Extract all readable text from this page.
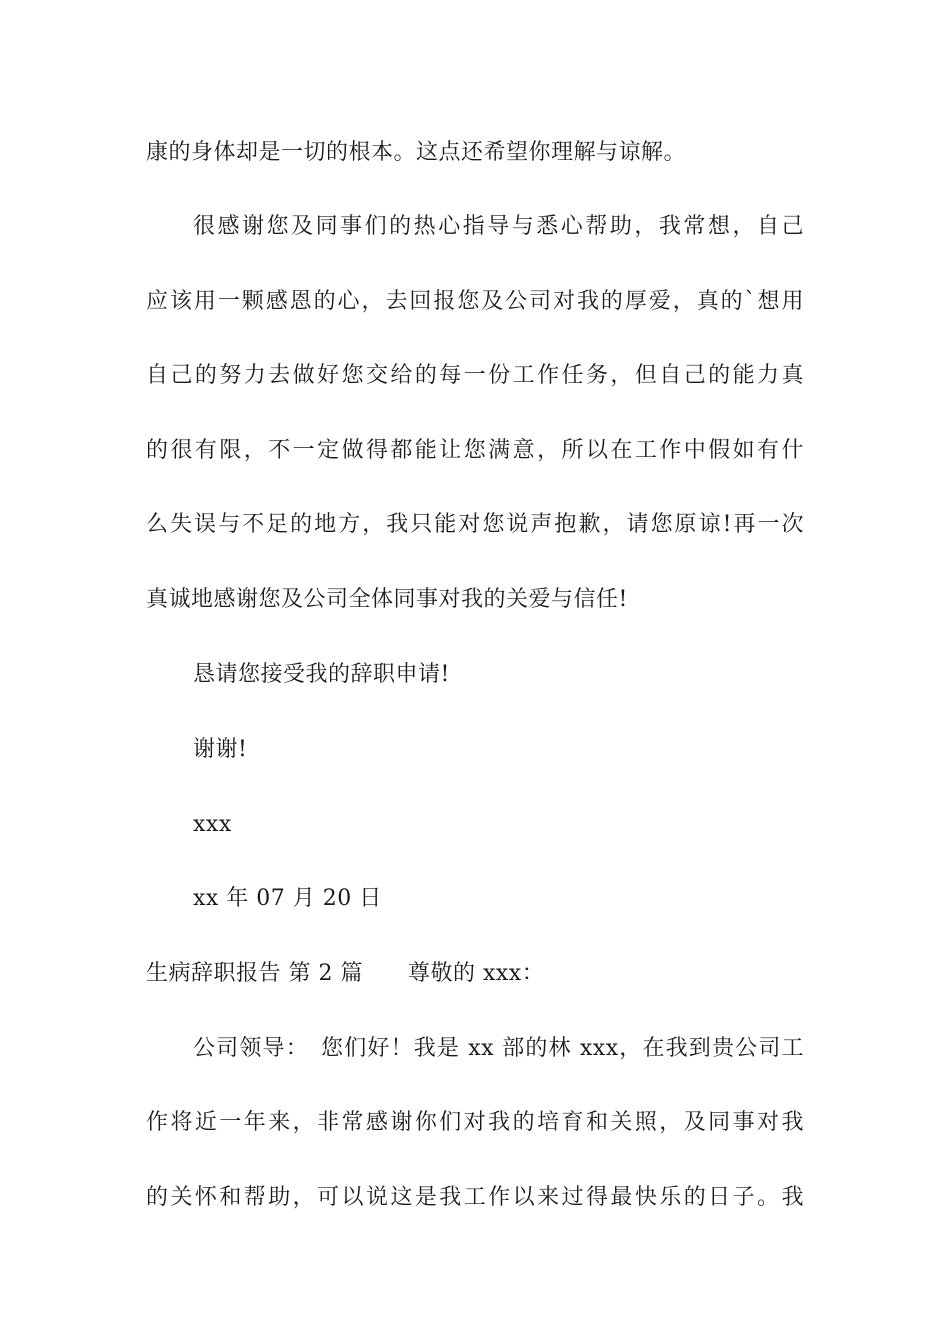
康的身体却是一切的根本。这点还希望你理解与谅解。
很感谢您及同事们的热心指导与悉心帮助，我常想，自己
应该用一颗感恩的心，去回报您及公司对我的厚爱，真的`想用
自己的努力去做好您交给的每一份工作任务，但自己的能力真
的很有限，不一定做得都能让您满意，所以在工作中假如有什
么失误与不足的地方，我只能对您说声抱歉，请您原谅!再一次
真诚地感谢您及公司全体同事对我的关爱与信任!
恳请您接受我的辞职申请!
谢谢!
xxx
xx 年 07 月 20 日
生病辞职报告 第 2 篇　　尊敬的 xxx：
公司领导：　您们好！我是 xx 部的林 xxx，在我到贵公司工
作将近一年来，非常感谢你们对我的培育和关照，及同事对我
的关怀和帮助，可以说这是我工作以来过得最快乐的日子。我
